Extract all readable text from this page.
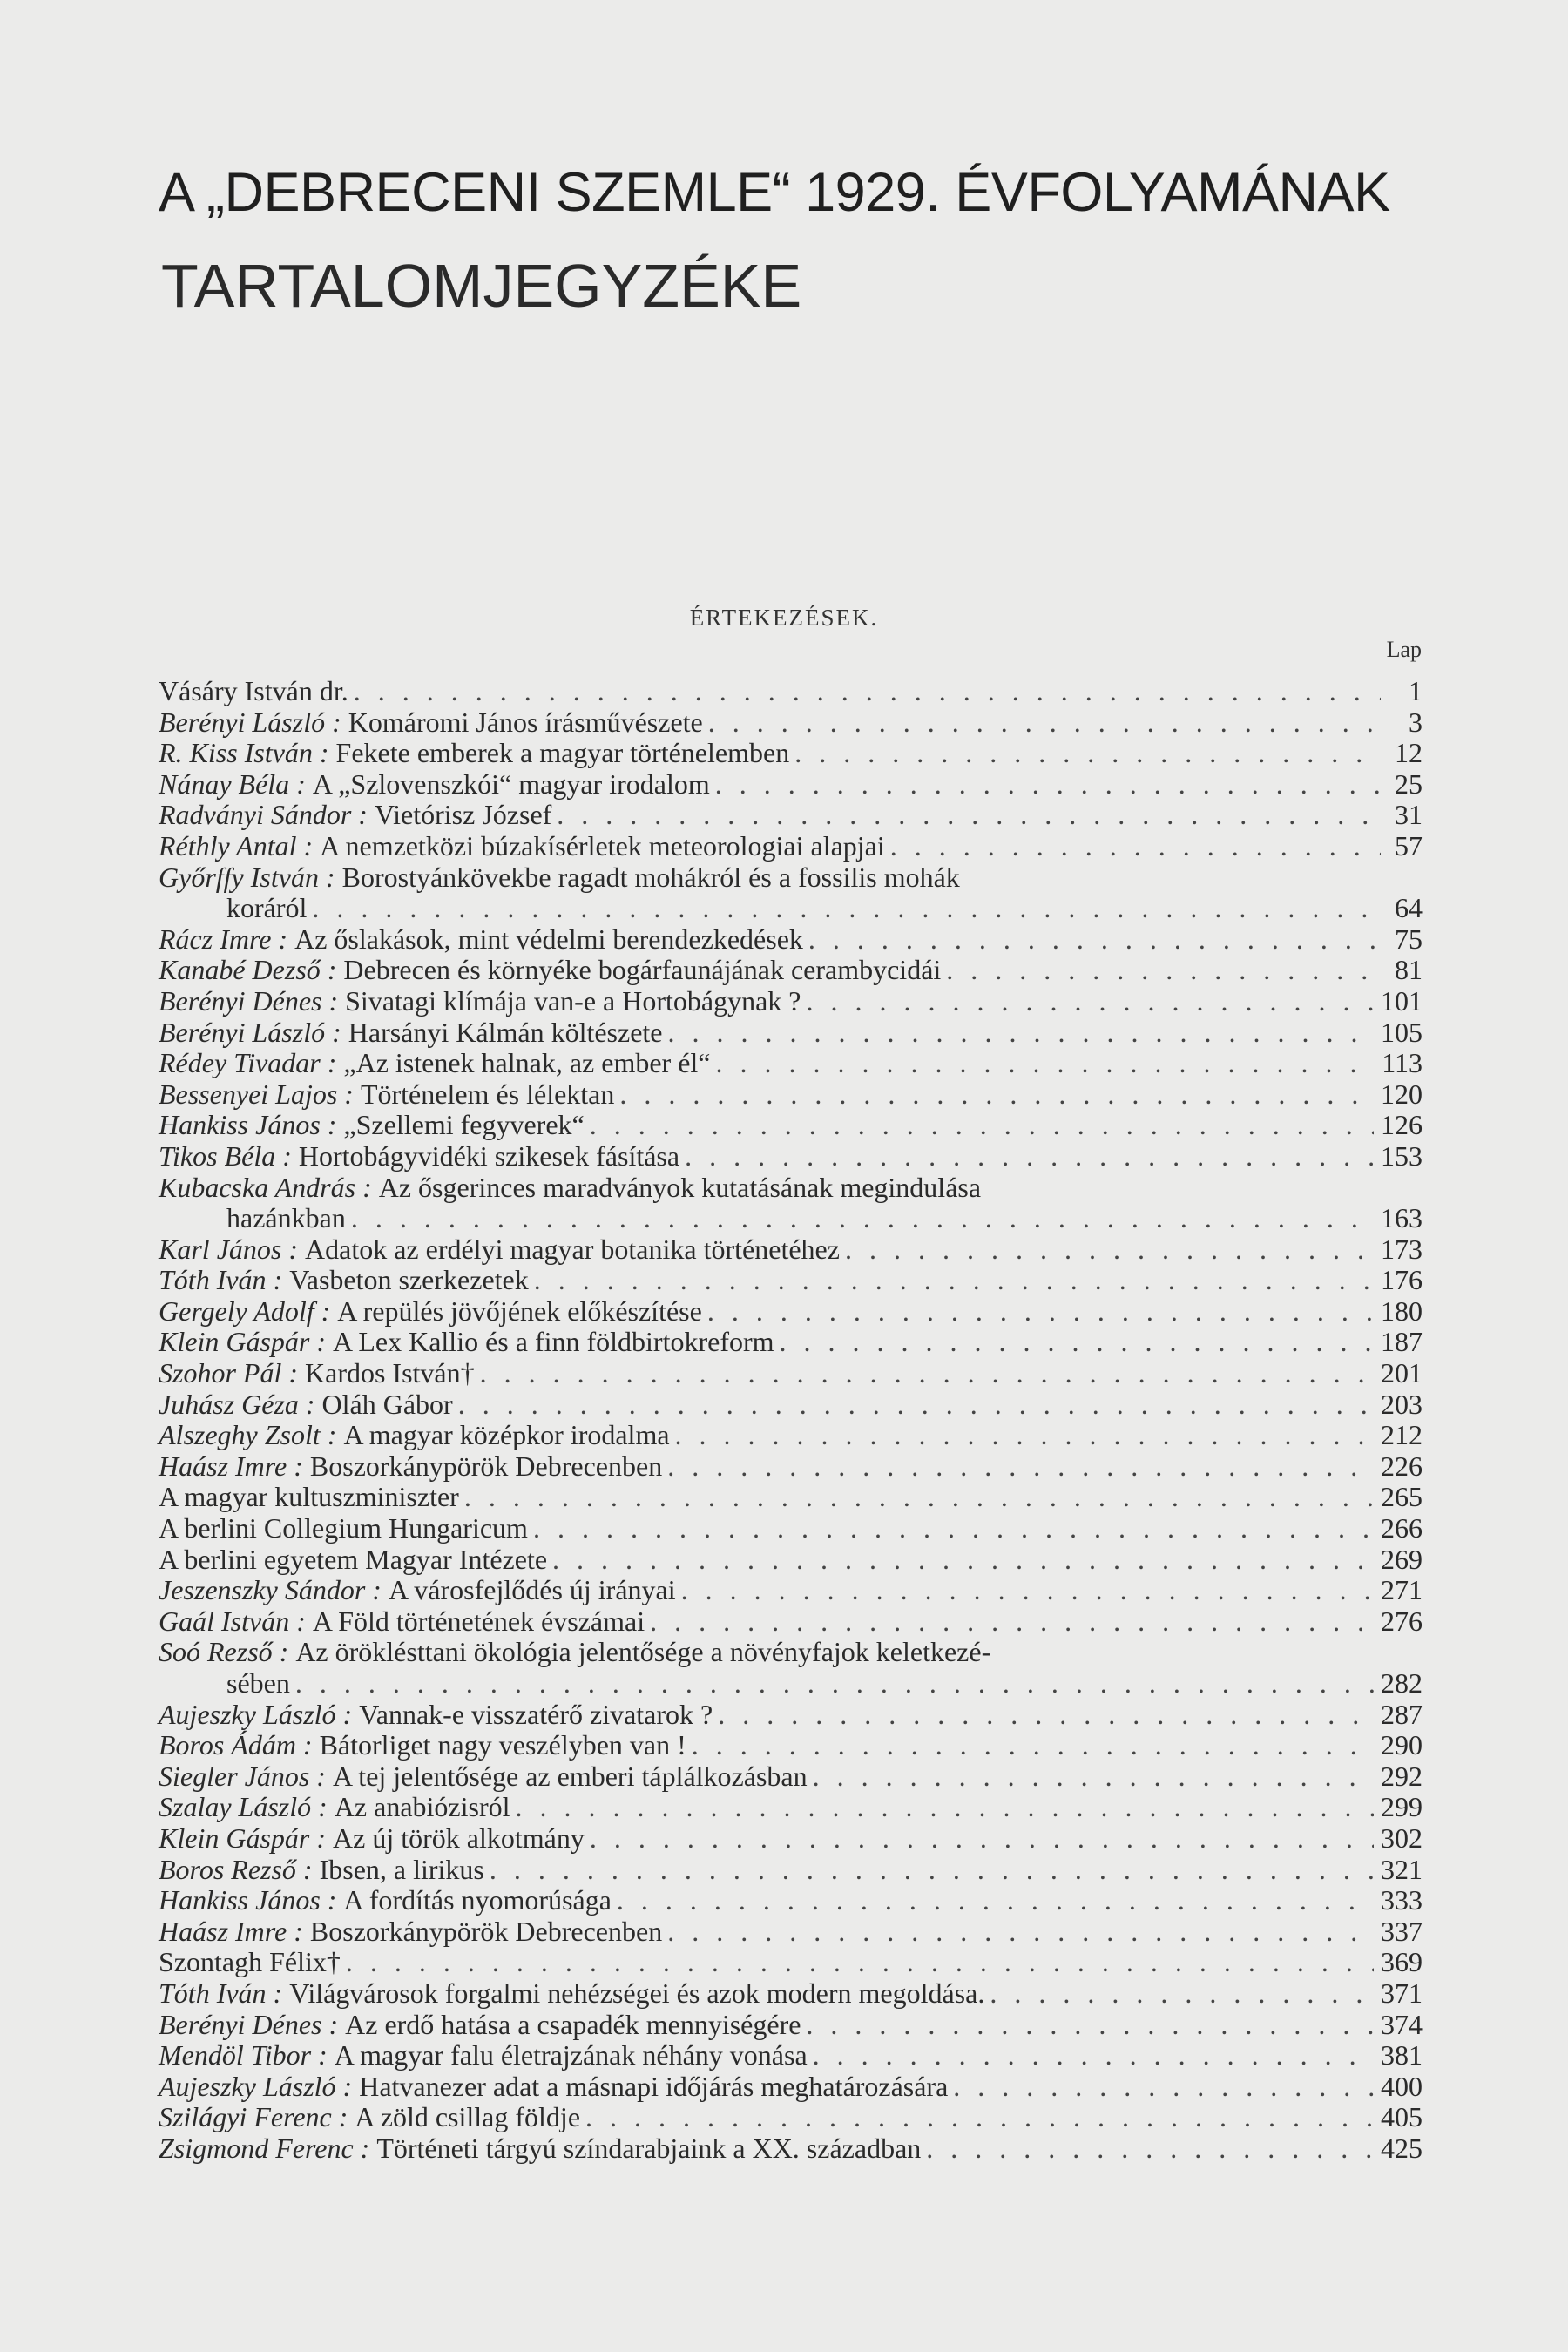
A „DEBRECENI SZEMLE“ 1929. ÉVFOLYAMÁNAK
TARTALOMJEGYZÉKE
ÉRTEKEZÉSEK.
Lap
Vásáry István dr. . . .	1
Berényi László :
Komáromi János írásművészete . . .	3
R. Kiss István :
Fekete emberek a magyar történelemben . . .	12
Nánay Béla :
A „Szlovenszkói“ magyar irodalom . . .	25
Radványi Sándor :
Vietórisz József . . .	31
Réthly Antal :
A nemzetközi búzakísérletek meteorologiai alapjai . . .	57
Győrffy István :
Borostyánkövekbe ragadt mohákról és a fossilis mohák
koráról . . .	64
Rácz Imre :
Az őslakások, mint védelmi berendezkedések . . .	75
Kanabé Dezső :
Debrecen és környéke bogárfaunájának cerambycidái . . .	81
Berényi Dénes :
Sivatagi klímája van-e a Hortobágynak ? . . .	101
Berényi László :
Harsányi Kálmán költészete . . .	105
Rédey Tivadar :
„Az istenek halnak, az ember él“ . . .	113
Bessenyei Lajos :
Történelem és lélektan . . .	120
Hankiss János :
„Szellemi fegyverek“ . . .	126
Tikos Béla :
Hortobágyvidéki szikesek fásítása . . .	153
Kubacska András :
Az ősgerinces maradványok kutatásának megindulása
hazánkban . . .	163
Karl János :
Adatok az erdélyi magyar botanika történetéhez . . .	173
Tóth Iván :
Vasbeton szerkezetek . . .	176
Gergely Adolf :
A repülés jövőjének előkészítése . . .	180
Klein Gáspár :
A Lex Kallio és a finn földbirtokreform . . .	187
Szohor Pál :
Kardos István† . . .	201
Juhász Géza :
Oláh Gábor . . .	203
Alszeghy Zsolt :
A magyar középkor irodalma . . .	212
Haász Imre :
Boszorkánypörök Debrecenben . . .	226
A magyar kultuszminiszter . . .	265
A berlini Collegium Hungaricum . . .	266
A berlini egyetem Magyar Intézete . . .	269
Jeszenszky Sándor :
A városfejlődés új irányai . . .	271
Gaál István :
A Föld történetének évszámai . . .	276
Soó Rezső :
Az öröklésttani ökológia jelentősége a növényfajok keletkezé-
sében . . .	282
Aujeszky László :
Vannak-e visszatérő zivatarok ? . . .	287
Boros Ádám :
Bátorliget nagy veszélyben van ! . . .	290
Siegler János :
A tej jelentősége az emberi táplálkozásban . . .	292
Szalay László :
Az anabiózisról . . .	299
Klein Gáspár :
Az új török alkotmány . . .	302
Boros Rezső :
Ibsen, a lirikus . . .	321
Hankiss János :
A fordítás nyomorúsága . . .	333
Haász Imre :
Boszorkánypörök Debrecenben . . .	337
Szontagh Félix† . . .	369
Tóth Iván :
Világvárosok forgalmi nehézségei és azok modern megoldása. . . .	371
Berényi Dénes :
Az erdő hatása a csapadék mennyiségére . . .	374
Mendöl Tibor :
A magyar falu életrajzának néhány vonása . . .	381
Aujeszky László :
Hatvanezer adat a másnapi időjárás meghatározására . . .	400
Szilágyi Ferenc :
A zöld csillag földje . . .	405
Zsigmond Ferenc :
Történeti tárgyú színdarabjaink a XX. században . . .	425
